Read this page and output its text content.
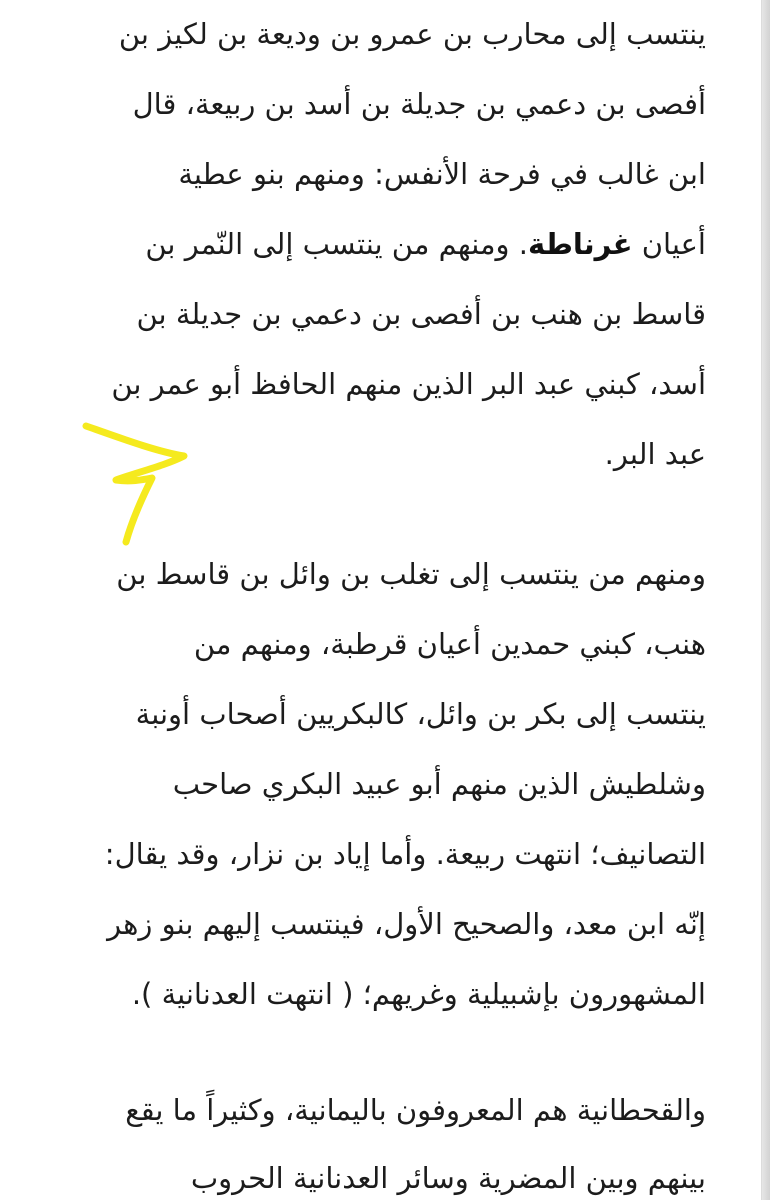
ينتسب إلى محارب بن عمرو بن وديعة بن لكيز بن
أفصى بن دعمي بن جديلة بن أسد بن ربيعة، قال
ابن غالب في فرحة الأنفس: ومنهم بنو عطية
أعيان غرناطة. ومنهم من ينتسب إلى النّمر بن
قاسط بن هنب بن أفصى بن دعمي بن جديلة بن
أسد، كبني عبد البر الذين منهم الحافظ أبو عمر بن
عبد البر.
ومنهم من ينتسب إلى تغلب بن وائل بن قاسط بن
هنب، كبني حمدين أعيان قرطبة، ومنهم من
ينتسب إلى بكر بن وائل، كالبكريين أصحاب أونبة
وشلطيش الذين منهم أبو عبيد البكري صاحب
التصانيف؛ انتهت ربيعة. وأما إياد بن نزار، وقد يقال:
إنّه ابن معد، والصحيح الأول، فينتسب إليهم بنو زهر
المشهورون بإشبيلية وغريهم؛ ( انتهت العدنانية ).
والقحطانية هم المعروفون باليمانية، وكثيراً ما يقع
بينهم وبين المضرية وسائر العدنانية الحروب
